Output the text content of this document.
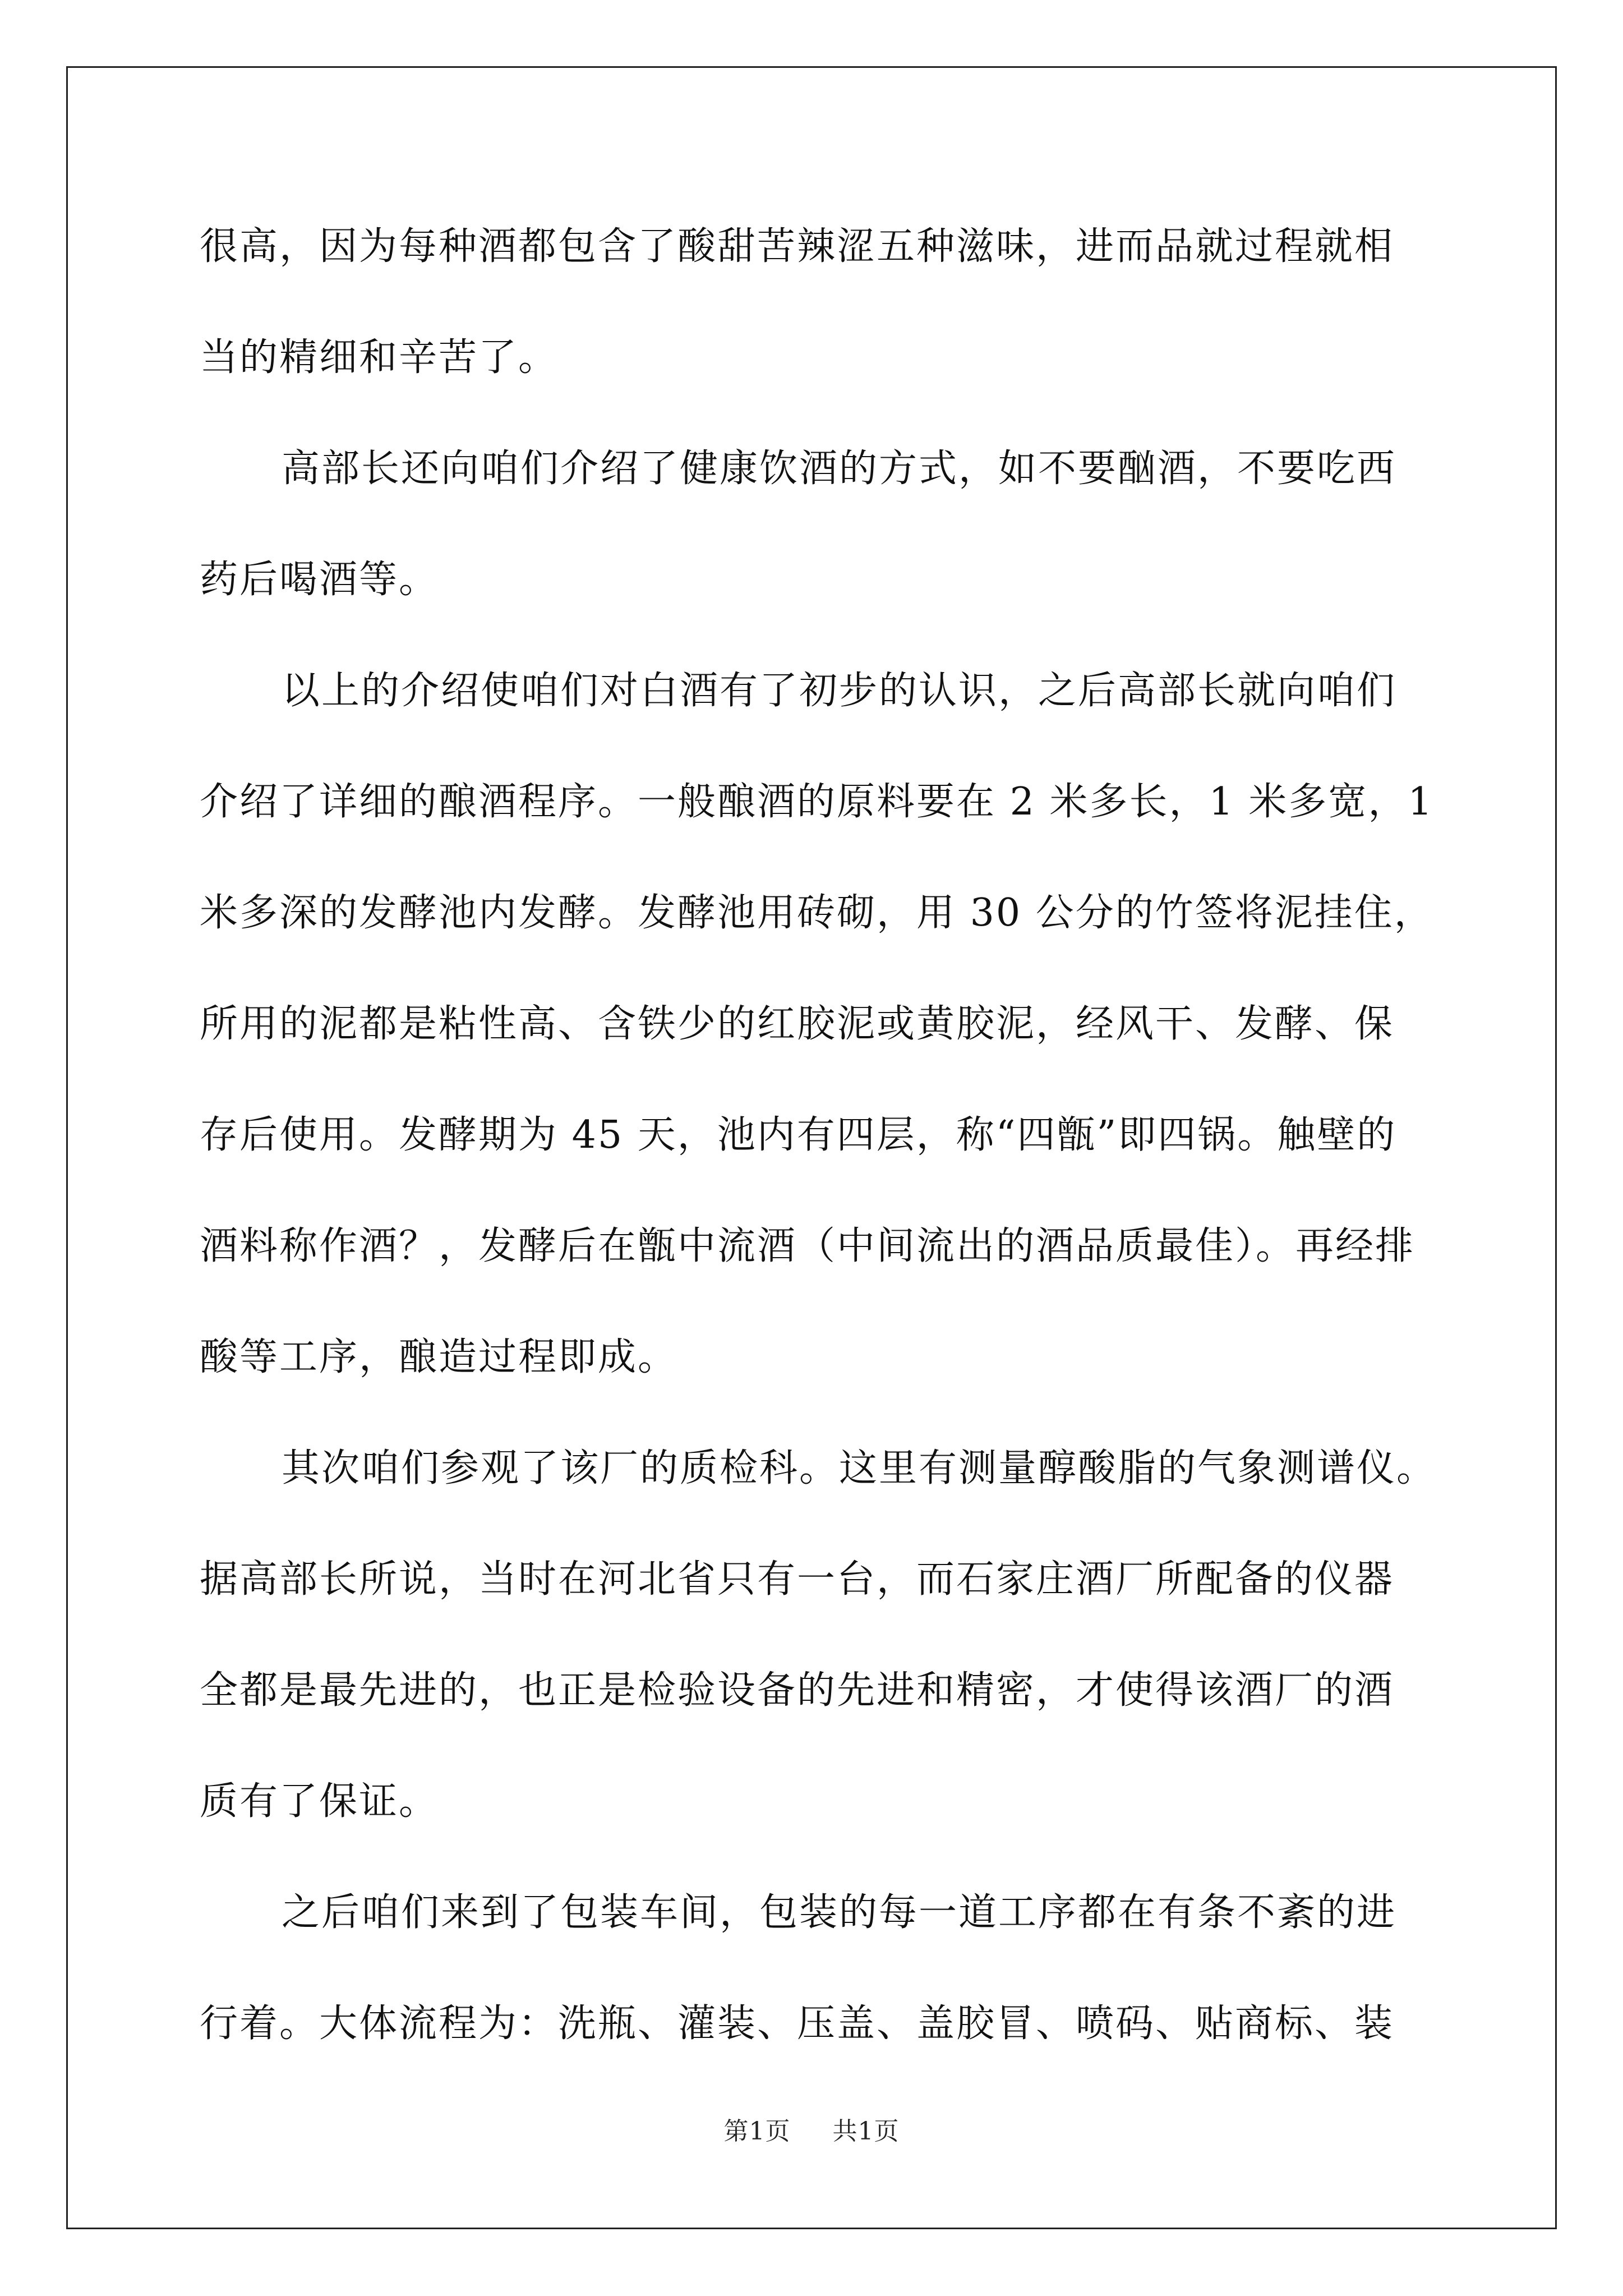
很高，因为每种酒都包含了酸甜苦辣涩五种滋味，进而品就过程就相
当的精细和辛苦了。
高部长还向咱们介绍了健康饮酒的方式，如不要酗酒，不要吃西
药后喝酒等。
以上的介绍使咱们对白酒有了初步的认识，之后高部长就向咱们
介绍了详细的酿酒程序。一般酿酒的原料要在 2 米多长，1 米多宽，1
米多深的发酵池内发酵。发酵池用砖砌，用 30 公分的竹签将泥挂住，
所用的泥都是粘性高、含铁少的红胶泥或黄胶泥，经风干、发酵、保
存后使用。发酵期为 45 天，池内有四层，称“四甑”即四锅。触壁的
酒料称作酒？，发酵后在甑中流酒（中间流出的酒品质最佳）。再经排
酸等工序，酿造过程即成。
其次咱们参观了该厂的质检科。这里有测量醇酸脂的气象测谱仪。
据高部长所说，当时在河北省只有一台，而石家庄酒厂所配备的仪器
全都是最先进的，也正是检验设备的先进和精密，才使得该酒厂的酒
质有了保证。
之后咱们来到了包装车间，包装的每一道工序都在有条不紊的进
行着。大体流程为：洗瓶、灌装、压盖、盖胶冒、喷码、贴商标、装
第1页 共1页
